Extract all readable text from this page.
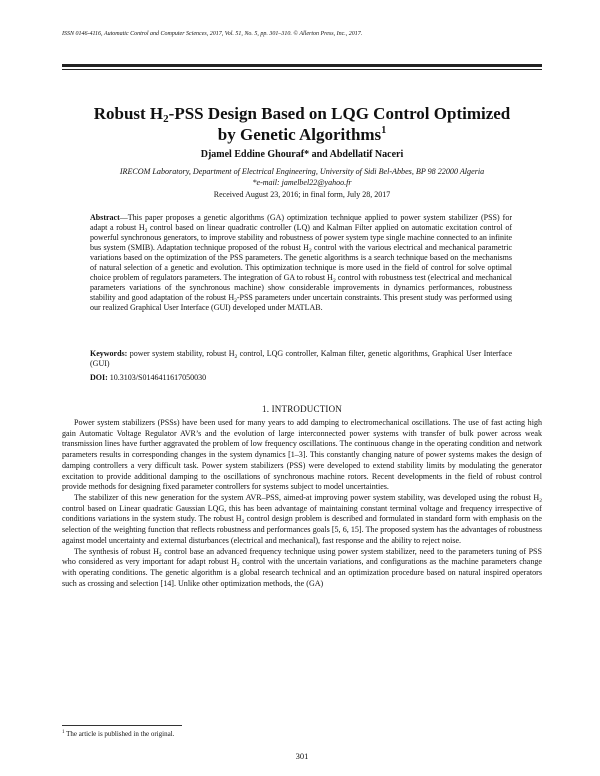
ISSN 0146-4116, Automatic Control and Computer Sciences, 2017, Vol. 51, No. 5, pp. 301–310. © Allerton Press, Inc., 2017.
Robust $H_2$-PSS Design Based on LQG Control Optimized
by Genetic Algorithms$^1$
Djamel Eddine Ghouraf* and Abdellatif Naceri
IRECOM Laboratory, Department of Electrical Engineering, University of Sidi Bel-Abbes, BP 98 22000 Algeria
*e-mail: jamelbel22@yahoo.fr
Received August 23, 2016; in final form, July 28, 2017
Abstract—This paper proposes a genetic algorithms (GA) optimization technique applied to power system stabilizer (PSS) for adapt a robust $H_2$ control based on linear quadratic controller (LQ) and Kalman Filter applied on automatic excitation control of powerful synchronous generators, to improve stability and robustness of power system type single machine connected to an infinite bus system (SMIB). Adaptation technique proposed of the robust $H_2$ control with the various electrical and mechanical parametric variations based on the optimization of the PSS parameters. The genetic algorithms is a search technique based on the mechanisms of natural selection of a genetic and evolution. This optimization technique is more used in the field of control for solve optimal choice problem of regulators parameters. The integration of GA to robust $H_2$ control with robustness test (electrical and mechanical parameters variations of the synchronous machine) show considerable improvements in dynamics performances, robustness stability and good adaptation of the robust $H_2$-PSS parameters under uncertain constraints. This present study was performed using our realized Graphical User Interface (GUI) developed under MATLAB.
Keywords: power system stability, robust $H_2$ control, LQG controller, Kalman filter, genetic algorithms, Graphical User Interface (GUI)
DOI: 10.3103/S0146411617050030
1. INTRODUCTION

Power system stabilizers (PSSs) have been used for many years to add damping to electromechanical oscillations. The use of fast acting high gain Automatic Voltage Regulator AVR’s and the evolution of large interconnected power systems with transfer of bulk power across weak transmission lines have further aggravated the problem of low frequency oscillations. The continuous change in the operating condition and network parameters results in corresponding changes in the system dynamics [1–3]. This constantly changing nature of power systems makes the design of damping controllers a very difficult task. Power system stabilizers (PSS) were developed to extend stability limits by modulating the generator excitation to provide additional damping to the oscillations of synchronous machine rotors. Recent developments in the field of robust control provide methods for designing fixed parameter controllers for systems subject to model uncertainties.

The stabilizer of this new generation for the system AVR–PSS, aimed-at improving power system stability, was developed using the robust $H_2$ control based on Linear quadratic Gaussian LQG, this has been advantage of maintaining constant terminal voltage and frequency irrespective of conditions variations in the system study. The robust $H_2$ control design problem is described and formulated in standard form with emphasis on the selection of the weighting function that reflects robustness and performances goals [5, 6, 15]. The proposed system has the advantages of robustness against model uncertainty and external disturbances (electrical and mechanical), fast response and the ability to reject noise.

The synthesis of robust $H_2$ control base an advanced frequency technique using power system stabilizer, need to the parameters tuning of PSS who considered as very important for adapt robust $H_2$ control with the uncertain variations, and configurations as the machine parameters change with operating conditions. The genetic algorithm is a global research technical and an optimization procedure based on natural inspired operators such as crossing and selection [14]. Unlike other optimization methods, the (GA)

$^1$ The article is published in the original.
301
